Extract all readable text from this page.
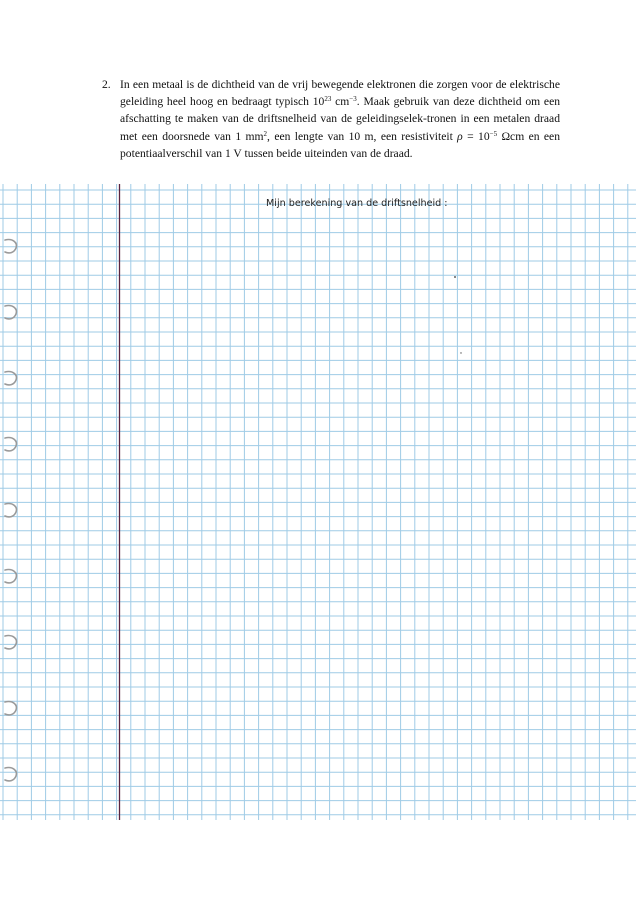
2. In een metaal is de dichtheid van de vrij bewegende elektronen die zorgen voor de elektrische geleiding heel hoog en bedraagt typisch $10^{23}$ $cm^{-3}$. Maak gebruik van deze dichtheid om een afschatting te maken van de driftsnelheid van de geleidingselek-tronen in een metalen draad met een doorsnede van 1 $mm^2$, een lengte van 10 m, een resistiviteit $\rho = 10^{-5}$ Ωcm en een potentiaalverschil van 1 V tussen beide uiteinden van de draad.
Mijn berekening van de driftsnelheid :
